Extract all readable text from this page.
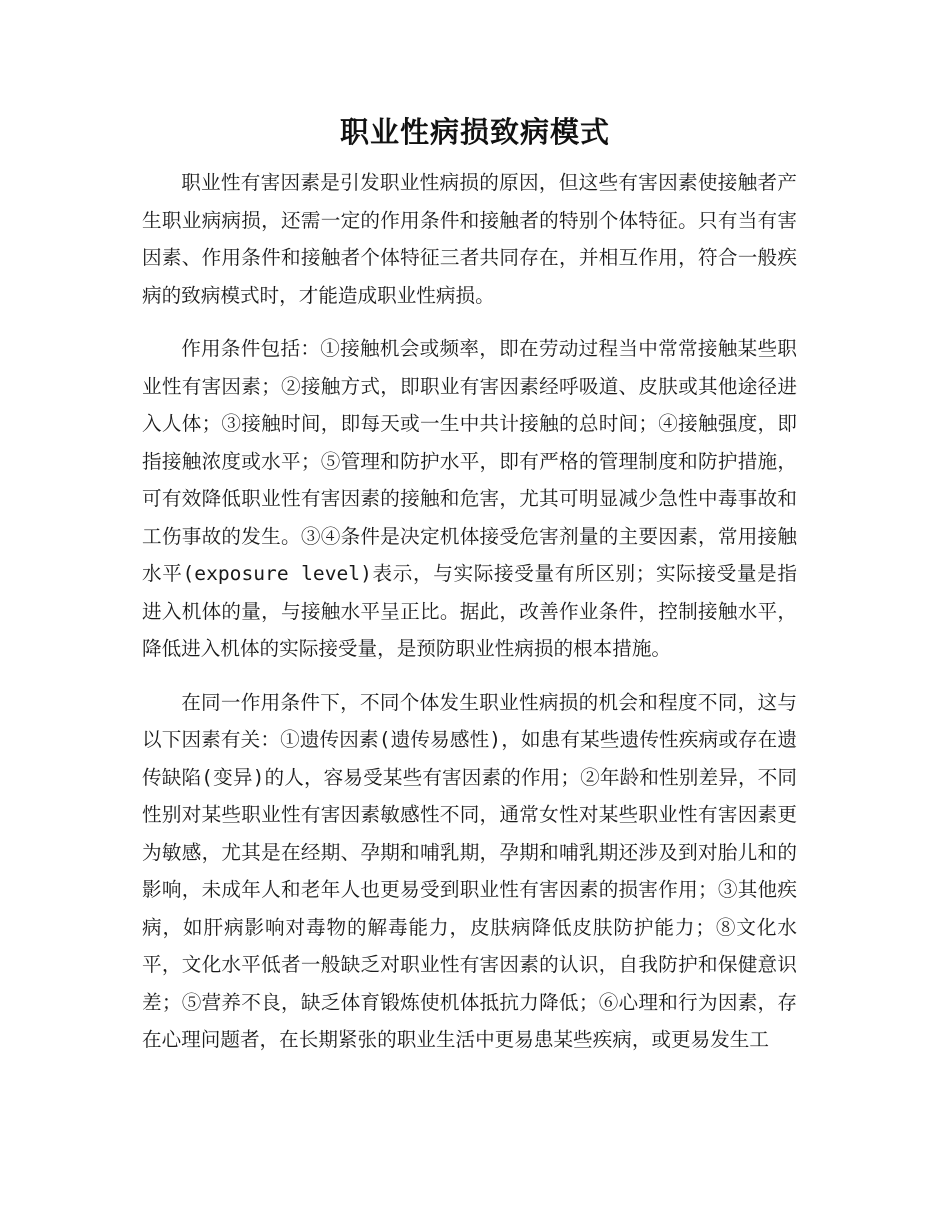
职业性病损致病模式

职业性有害因素是引发职业性病损的原因，但这些有害因素使接触者产生职业病病损，还需一定的作用条件和接触者的特别个体特征。只有当有害因素、作用条件和接触者个体特征三者共同存在，并相互作用，符合一般疾病的致病模式时，才能造成职业性病损。

作用条件包括：①接触机会或频率，即在劳动过程当中常常接触某些职业性有害因素；②接触方式，即职业有害因素经呼吸道、皮肤或其他途径进入人体；③接触时间，即每天或一生中共计接触的总时间；④接触强度，即指接触浓度或水平；⑤管理和防护水平，即有严格的管理制度和防护措施，可有效降低职业性有害因素的接触和危害，尤其可明显减少急性中毒事故和工伤事故的发生。③④条件是决定机体接受危害剂量的主要因素，常用接触水平(exposure level)表示，与实际接受量有所区别；实际接受量是指进入机体的量，与接触水平呈正比。据此，改善作业条件，控制接触水平，降低进入机体的实际接受量，是预防职业性病损的根本措施。

在同一作用条件下，不同个体发生职业性病损的机会和程度不同，这与以下因素有关：①遗传因素(遗传易感性)，如患有某些遗传性疾病或存在遗传缺陷(变异)的人，容易受某些有害因素的作用；②年龄和性别差异，不同性别对某些职业性有害因素敏感性不同，通常女性对某些职业性有害因素更为敏感，尤其是在经期、孕期和哺乳期，孕期和哺乳期还涉及到对胎儿和的影响，未成年人和老年人也更易受到职业性有害因素的损害作用；③其他疾病，如肝病影响对毒物的解毒能力，皮肤病降低皮肤防护能力；⑧文化水平，文化水平低者一般缺乏对职业性有害因素的认识，自我防护和保健意识差；⑤营养不良，缺乏体育锻炼使机体抵抗力降低；⑥心理和行为因素，存在心理问题者，在长期紧张的职业生活中更易患某些疾病，或更易发生工
